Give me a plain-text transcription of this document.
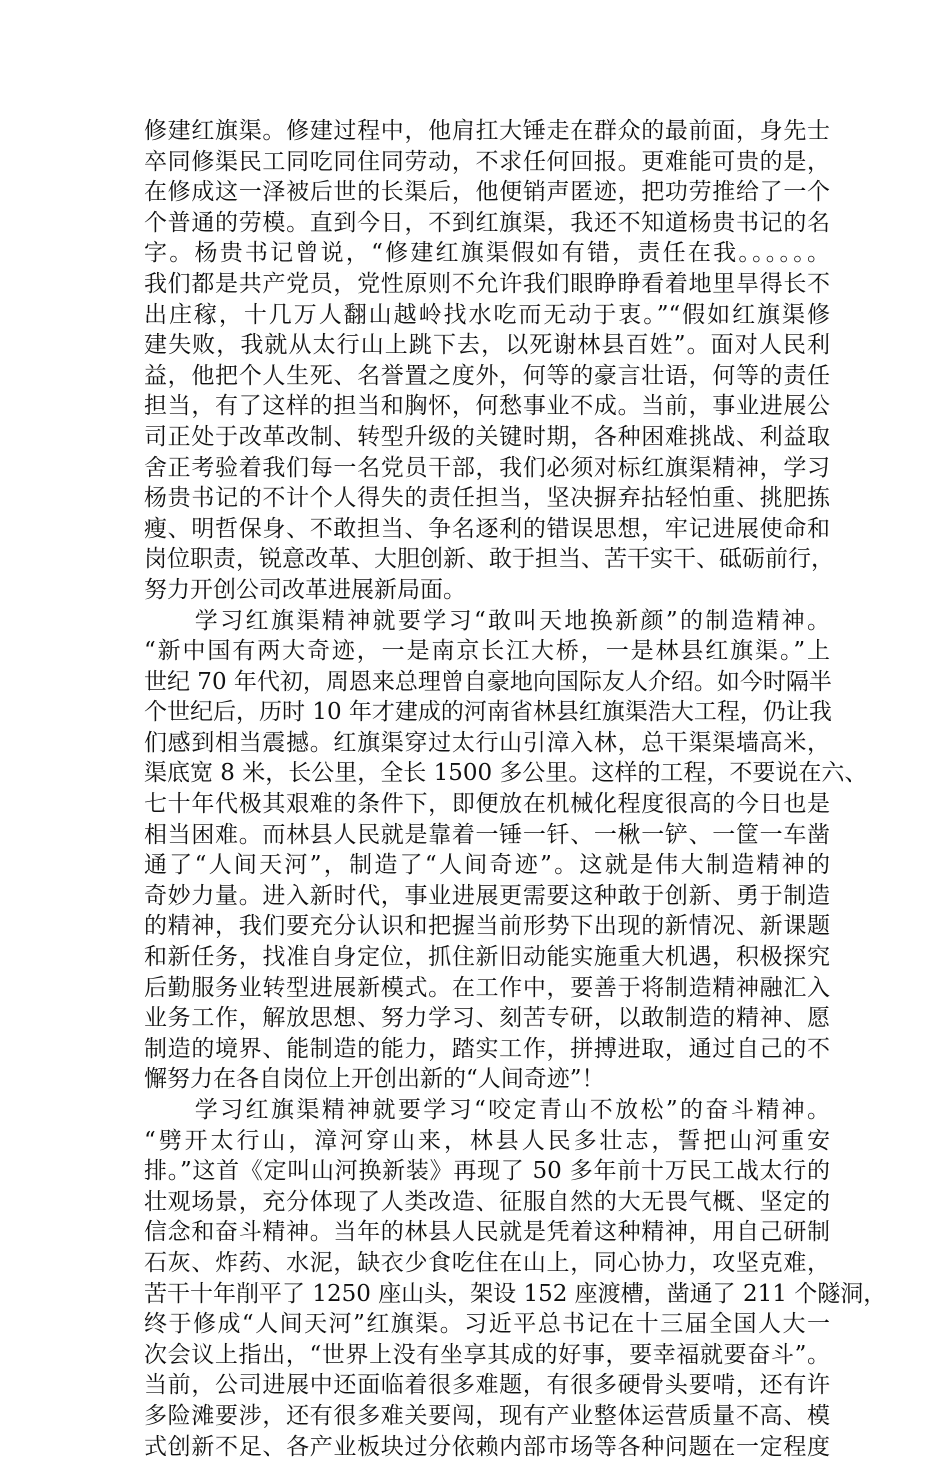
修建红旗渠。修建过程中，他肩扛大锤走在群众的最前面，身先士
卒同修渠民工同吃同住同劳动，不求任何回报。更难能可贵的是，
在修成这一泽被后世的长渠后，他便销声匿迹，把功劳推给了一个
个普通的劳模。直到今日，不到红旗渠，我还不知道杨贵书记的名
字。杨贵书记曾说，“修建红旗渠假如有错，责任在我。。。。。。
我们都是共产党员，党性原则不允许我们眼睁睁看着地里旱得长不
出庄稼，十几万人翻山越岭找水吃而无动于衷。”“假如红旗渠修
建失败，我就从太行山上跳下去，以死谢林县百姓”。面对人民利
益，他把个人生死、名誉置之度外，何等的豪言壮语，何等的责任
担当，有了这样的担当和胸怀，何愁事业不成。当前，事业进展公
司正处于改革改制、转型升级的关键时期，各种困难挑战、利益取
舍正考验着我们每一名党员干部，我们必须对标红旗渠精神，学习
杨贵书记的不计个人得失的责任担当，坚决摒弃拈轻怕重、挑肥拣
瘦、明哲保身、不敢担当、争名逐利的错误思想，牢记进展使命和
岗位职责，锐意改革、大胆创新、敢于担当、苦干实干、砥砺前行，
努力开创公司改革进展新局面。
　　学习红旗渠精神就要学习“敢叫天地换新颜”的制造精神。
“新中国有两大奇迹，一是南京长江大桥，一是林县红旗渠。”上
世纪 70 年代初，周恩来总理曾自豪地向国际友人介绍。如今时隔半
个世纪后，历时 10 年才建成的河南省林县红旗渠浩大工程，仍让我
们感到相当震撼。红旗渠穿过太行山引漳入林，总干渠渠墙高米，
渠底宽 8 米，长公里，全长 1500 多公里。这样的工程，不要说在六、
七十年代极其艰难的条件下，即便放在机械化程度很高的今日也是
相当困难。而林县人民就是靠着一锤一钎、一楸一铲、一筐一车凿
通了“人间天河”，制造了“人间奇迹”。这就是伟大制造精神的
奇妙力量。进入新时代，事业进展更需要这种敢于创新、勇于制造
的精神，我们要充分认识和把握当前形势下出现的新情况、新课题
和新任务，找准自身定位，抓住新旧动能实施重大机遇，积极探究
后勤服务业转型进展新模式。在工作中，要善于将制造精神融汇入
业务工作，解放思想、努力学习、刻苦专研，以敢制造的精神、愿
制造的境界、能制造的能力，踏实工作，拼搏进取，通过自己的不
懈努力在各自岗位上开创出新的“人间奇迹”！
　　学习红旗渠精神就要学习“咬定青山不放松”的奋斗精神。
“劈开太行山，漳河穿山来，林县人民多壮志，誓把山河重安
排。”这首《定叫山河换新装》再现了 50 多年前十万民工战太行的
壮观场景，充分体现了人类改造、征服自然的大无畏气概、坚定的
信念和奋斗精神。当年的林县人民就是凭着这种精神，用自己研制
石灰、炸药、水泥，缺衣少食吃住在山上，同心协力，攻坚克难，
苦干十年削平了 1250 座山头，架设 152 座渡槽，凿通了 211 个隧洞，
终于修成“人间天河”红旗渠。习近平总书记在十三届全国人大一
次会议上指出，“世界上没有坐享其成的好事，要幸福就要奋斗”。
当前，公司进展中还面临着很多难题，有很多硬骨头要啃，还有许
多险滩要涉，还有很多难关要闯，现有产业整体运营质量不高、模
式创新不足、各产业板块过分依赖内部市场等各种问题在一定程度
